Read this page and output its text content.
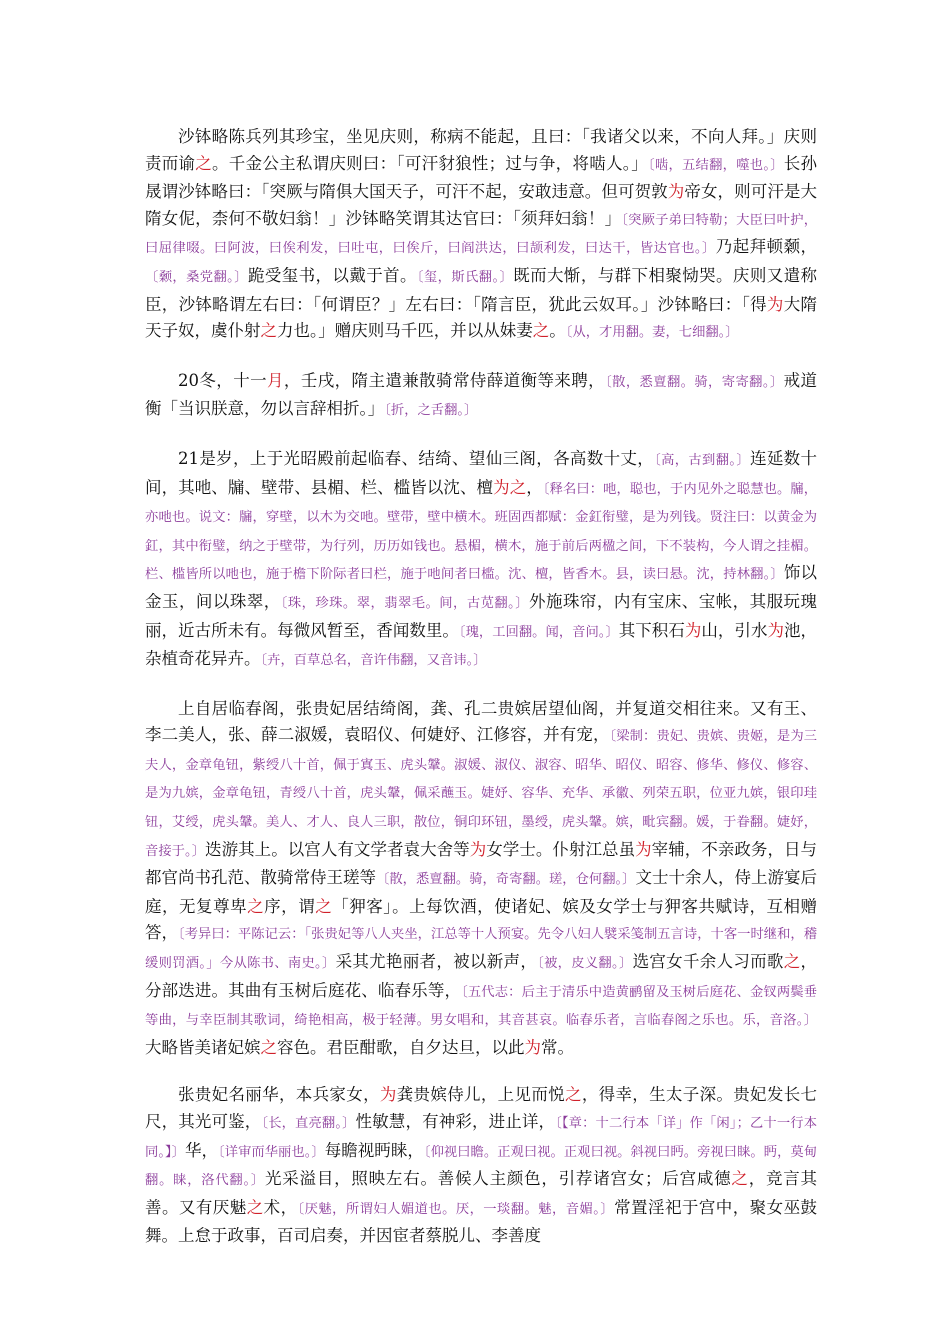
沙钵略陈兵列其珍宝，坐见庆则，称病不能起，且曰：「我诸父以来，不向人拜。」庆则责而谕之。千金公主私谓庆则曰：「可汗豺狼性；过与争，将啮人。」〔啮，五结翻，噬也。〕长孙晟谓沙钵略曰：「突厥与隋俱大国天子，可汗不起，安敢违意。但可贺敦为帝女，则可汗是大隋女伲，柰何不敬妇翁！」沙钵略笑谓其达官曰：「须拜妇翁！」〔突厥子弟曰特勒；大臣曰叶护，曰屈律啜。曰阿波，曰俟利发，曰吐屯，曰俟斤，曰阎洪达，曰颉利发，曰达干，皆达官也。〕乃起拜顿颡，〔颡，桑党翻。〕跪受玺书，以戴于首。〔玺，斯氏翻。〕既而大惭，与群下相聚恸哭。庆则又遣称臣，沙钵略谓左右曰：「何谓臣？」左右曰：「隋言臣，犹此云奴耳。」沙钵略曰：「得为大隋天子奴，虞仆射之力也。」赠庆则马千匹，并以从妹妻之。〔从，才用翻。妻，七细翻。〕

20冬，十一月，壬戌，隋主遣兼散骑常侍薛道衡等来聘，〔散，悉亶翻。骑，寄寄翻。〕戒道衡「当识朕意，勿以言辞相折。」〔折，之舌翻。〕

21是岁，上于光昭殿前起临春、结绮、望仙三阁，各高数十丈，〔高，古到翻。〕连延数十间，其吔、牖、壁带、县楣、栏、槛皆以沈、檀为之，〔释名曰：吔，聪也，于内见外之聪慧也。牖，亦吔也。说文：牖，穿壁，以木为交吔。壁带，壁中横木。班固西都赋：金釭衔璧，是为列钱。贤注曰：以黄金为釭，其中衔璧，纳之于壁带，为行列，历历如钱也。悬楣，横木，施于前后两楹之间，下不装构，今人谓之挂楣。栏、槛皆所以吔也，施于檐下阶际者曰栏，施于吔间者曰槛。沈、檀，皆香木。县，读曰悬。沈，持林翻。〕饰以金玉，间以珠翠，〔珠，珍珠。翠，翡翠毛。间，古苋翻。〕外施珠帘，内有宝床、宝帐，其服玩瑰丽，近古所未有。每微风暂至，香闻数里。〔瑰，工回翻。闻，音问。〕其下积石为山，引水为池，杂植奇花异卉。〔卉，百草总名，音许伟翻，又音讳。〕

上自居临春阁，张贵妃居结绮阁，龚、孔二贵嫔居望仙阁，并复道交相往来。又有王、李二美人，张、薛二淑媛，袁昭仪、何婕妤、江修容，并有宠，〔梁制：贵妃、贵嫔、贵姬，是为三夫人，金章龟钮，紫绶八十首，佩于寘玉、虎头鞶。淑媛、淑仪、淑容、昭华、昭仪、昭容、修华、修仪、修容、是为九嫔，金章龟钮，青绶八十首，虎头鞶，佩采蘸玉。婕妤、容华、充华、承徽、列荣五职，位亚九嫔，银印珪钮，艾绶，虎头鞶。美人、才人、良人三职，散位，铜印环钮，墨绶，虎头鞶。嫔，毗宾翻。媛，于眷翻。婕妤，音接于。〕迭游其上。以宫人有文学者袁大舍等为女学士。仆射江总虽为宰辅，不亲政务，日与都官尚书孔范、散骑常侍王瑳等〔散，悉亶翻。骑，奇寄翻。瑳，仓何翻。〕文士十余人，侍上游宴后庭，无复尊卑之序，谓之「狎客」。上每饮酒，使诸妃、嫔及女学士与狎客共赋诗，互相赠答，〔考异曰：平陈记云：「张贵妃等八人夹坐，江总等十人预宴。先令八妇人襞采笺制五言诗，十客一时继和，稽缓则罚酒。」今从陈书、南史。〕采其尤艳丽者，被以新声，〔被，皮义翻。〕选宫女千余人习而歌之，分部迭进。其曲有玉树后庭花、临春乐等，〔五代志：后主于清乐中造黄鹂留及玉树后庭花、金钗两鬓垂等曲，与幸臣制其歌词，绮艳相高，极于轻薄。男女唱和，其音甚哀。临春乐者，言临春阁之乐也。乐，音洛。〕大略皆美诸妃嫔之容色。君臣酣歌，自夕达旦，以此为常。

张贵妃名丽华，本兵家女，为龚贵嫔侍儿，上见而悦之，得幸，生太子深。贵妃发长七尺，其光可鉴，〔长，直亮翻。〕性敏慧，有神彩，进止详，〔【章：十二行本「详」作「闲」；乙十一行本同。】〕华，〔详审而华丽也。〕每瞻视眄睐，〔仰视曰瞻。正观曰视。正观曰视。斜视曰眄。旁视曰睐。眄，莫甸翻。睐，洛代翻。〕光采溢目，照映左右。善候人主颜色，引荐诸宫女；后宫咸德之，竞言其善。又有厌魅之术，〔厌魅，所谓妇人媚道也。厌，一琰翻。魅，音媚。〕常置淫祀于宫中，聚女巫鼓舞。上怠于政事，百司启奏，并因宦者蔡脱儿、李善度
